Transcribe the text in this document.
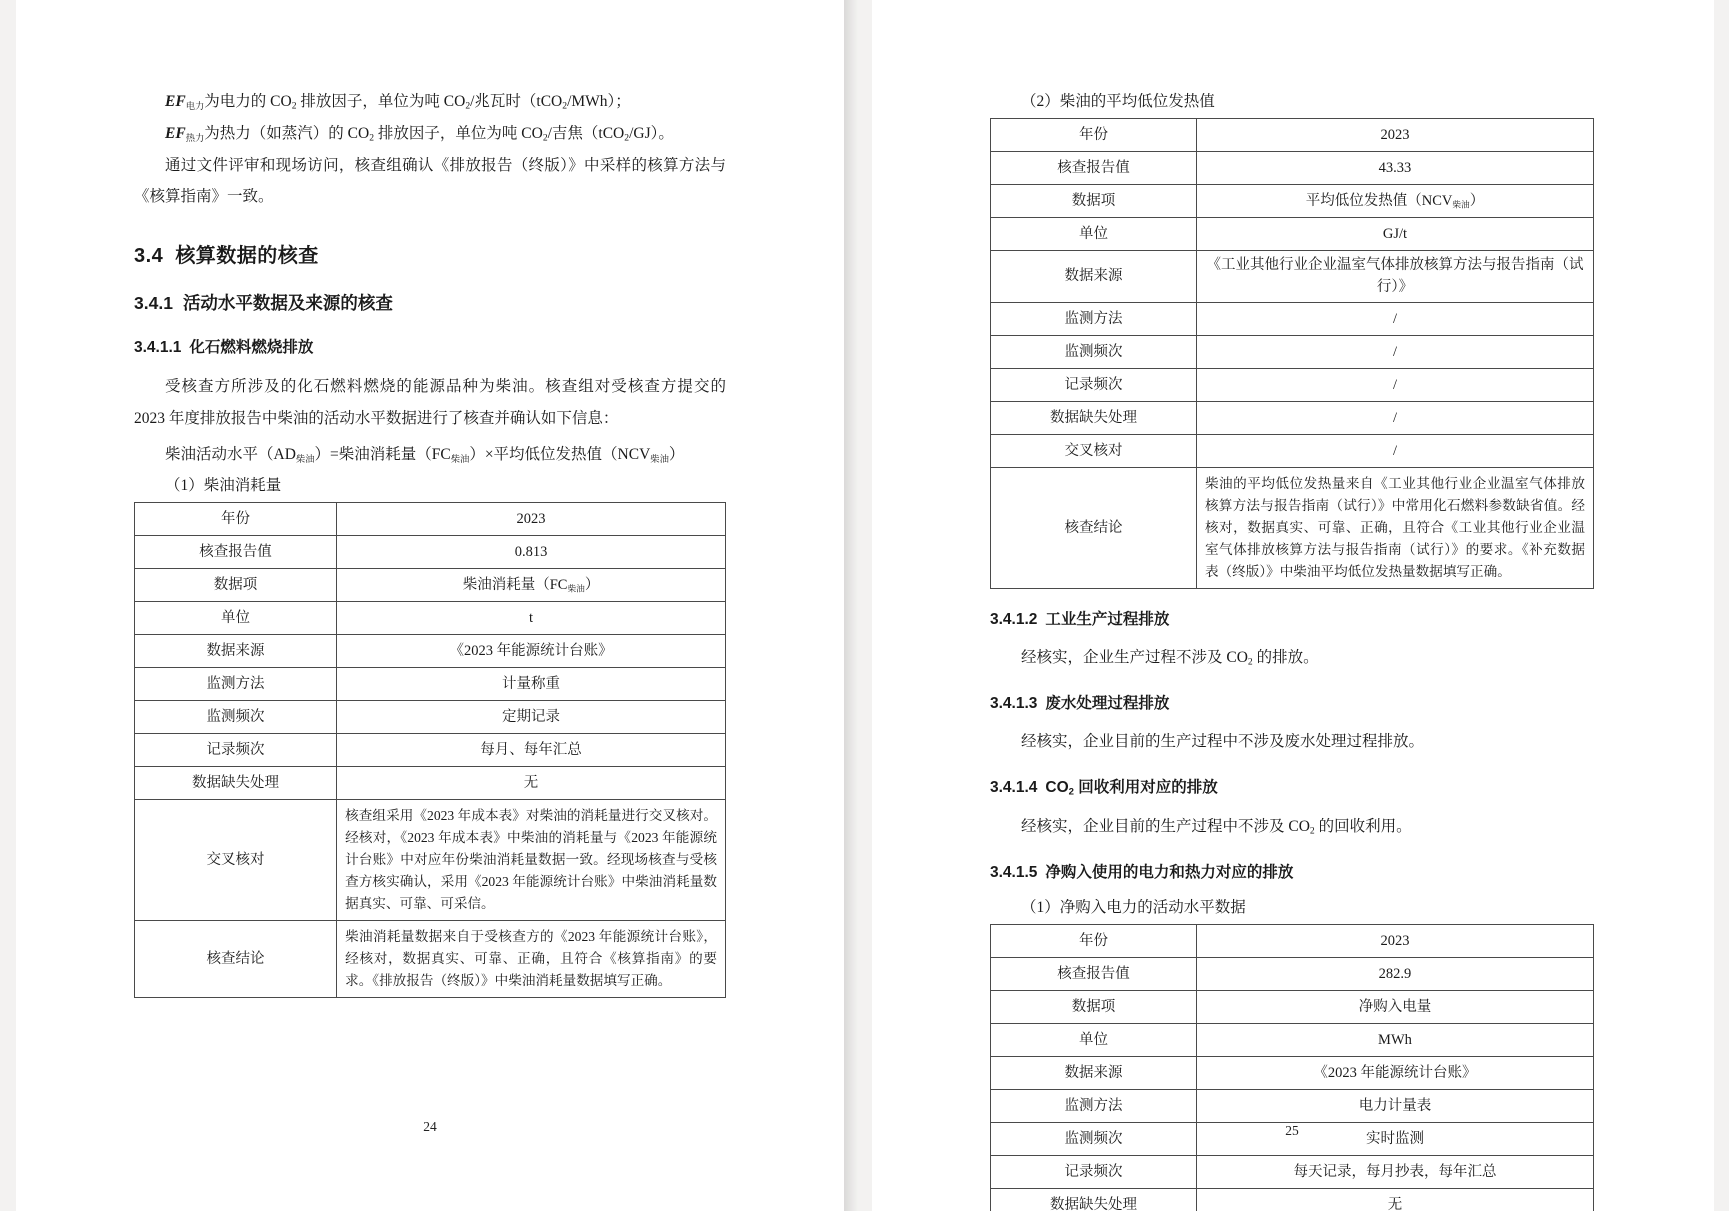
EF电力为电力的 $CO_2$ 排放因子，单位为吨 $CO_2/$兆瓦时（tCO$_2$/MWh）；

EF热力为热力（如蒸汽）的 $CO_2$ 排放因子，单位为吨 $CO_2/$吉焦（tCO$_2$/GJ）。

通过文件评审和现场访问，核查组确认《排放报告（终版）》中采样的核算方法与《核算指南》一致。

3.4 核算数据的核查
3.4.1 活动水平数据及来源的核查
3.4.1.1 化石燃料燃烧排放

受核查方所涉及的化石燃料燃烧的能源品种为柴油。核查组对受核查方提交的 2023 年度排放报告中柴油的活动水平数据进行了核查并确认如下信息：

柴油活动水平（AD柴油）=柴油消耗量（FC柴油）×平均低位发热值（NCV柴油）

（1）柴油消耗量
年份	2023
核查报告值	0.813
数据项	柴油消耗量（FC柴油）
单位	t
数据来源	《2023 年能源统计台账》
监测方法	计量称重
监测频次	定期记录
记录频次	每月、每年汇总
数据缺失处理	无
交叉核对	核查组采用《2023 年成本表》对柴油的消耗量进行交叉核对。经核对，《2023 年成本表》中柴油的消耗量与《2023 年能源统计台账》中对应年份柴油消耗量数据一致。经现场核查与受核查方核实确认，采用《2023 年能源统计台账》中柴油消耗量数据真实、可靠、可采信。
核查结论	柴油消耗量数据来自于受核查方的《2023 年能源统计台账》，经核对，数据真实、可靠、正确，且符合《核算指南》的要求。《排放报告（终版）》中柴油消耗量数据填写正确。
24
（2）柴油的平均低位发热值
年份	2023
核查报告值	43.33
数据项	平均低位发热值（NCV柴油）
单位	GJ/t
数据来源	《工业其他行业企业温室气体排放核算方法与报告指南（试行）》
监测方法	/
监测频次	/
记录频次	/
数据缺失处理	/
交叉核对	/
核查结论	柴油的平均低位发热量来自《工业其他行业企业温室气体排放核算方法与报告指南（试行）》中常用化石燃料参数缺省值。经核对，数据真实、可靠、正确，且符合《工业其他行业企业温室气体排放核算方法与报告指南（试行）》的要求。《补充数据表（终版）》中柴油平均低位发热量数据填写正确。
3.4.1.2 工业生产过程排放

经核实，企业生产过程不涉及 $CO_2$ 的排放。

3.4.1.3 废水处理过程排放

经核实，企业目前的生产过程中不涉及废水处理过程排放。

3.4.1.4 $CO_2$ 回收利用对应的排放

经核实，企业目前的生产过程中不涉及 $CO_2$ 的回收利用。

3.4.1.5 净购入使用的电力和热力对应的排放
（1）净购入电力的活动水平数据
年份	2023
核查报告值	282.9
数据项	净购入电量
单位	MWh
数据来源	《2023 年能源统计台账》
监测方法	电力计量表
监测频次	实时监测
记录频次	每天记录，每月抄表，每年汇总
数据缺失处理	无
25
